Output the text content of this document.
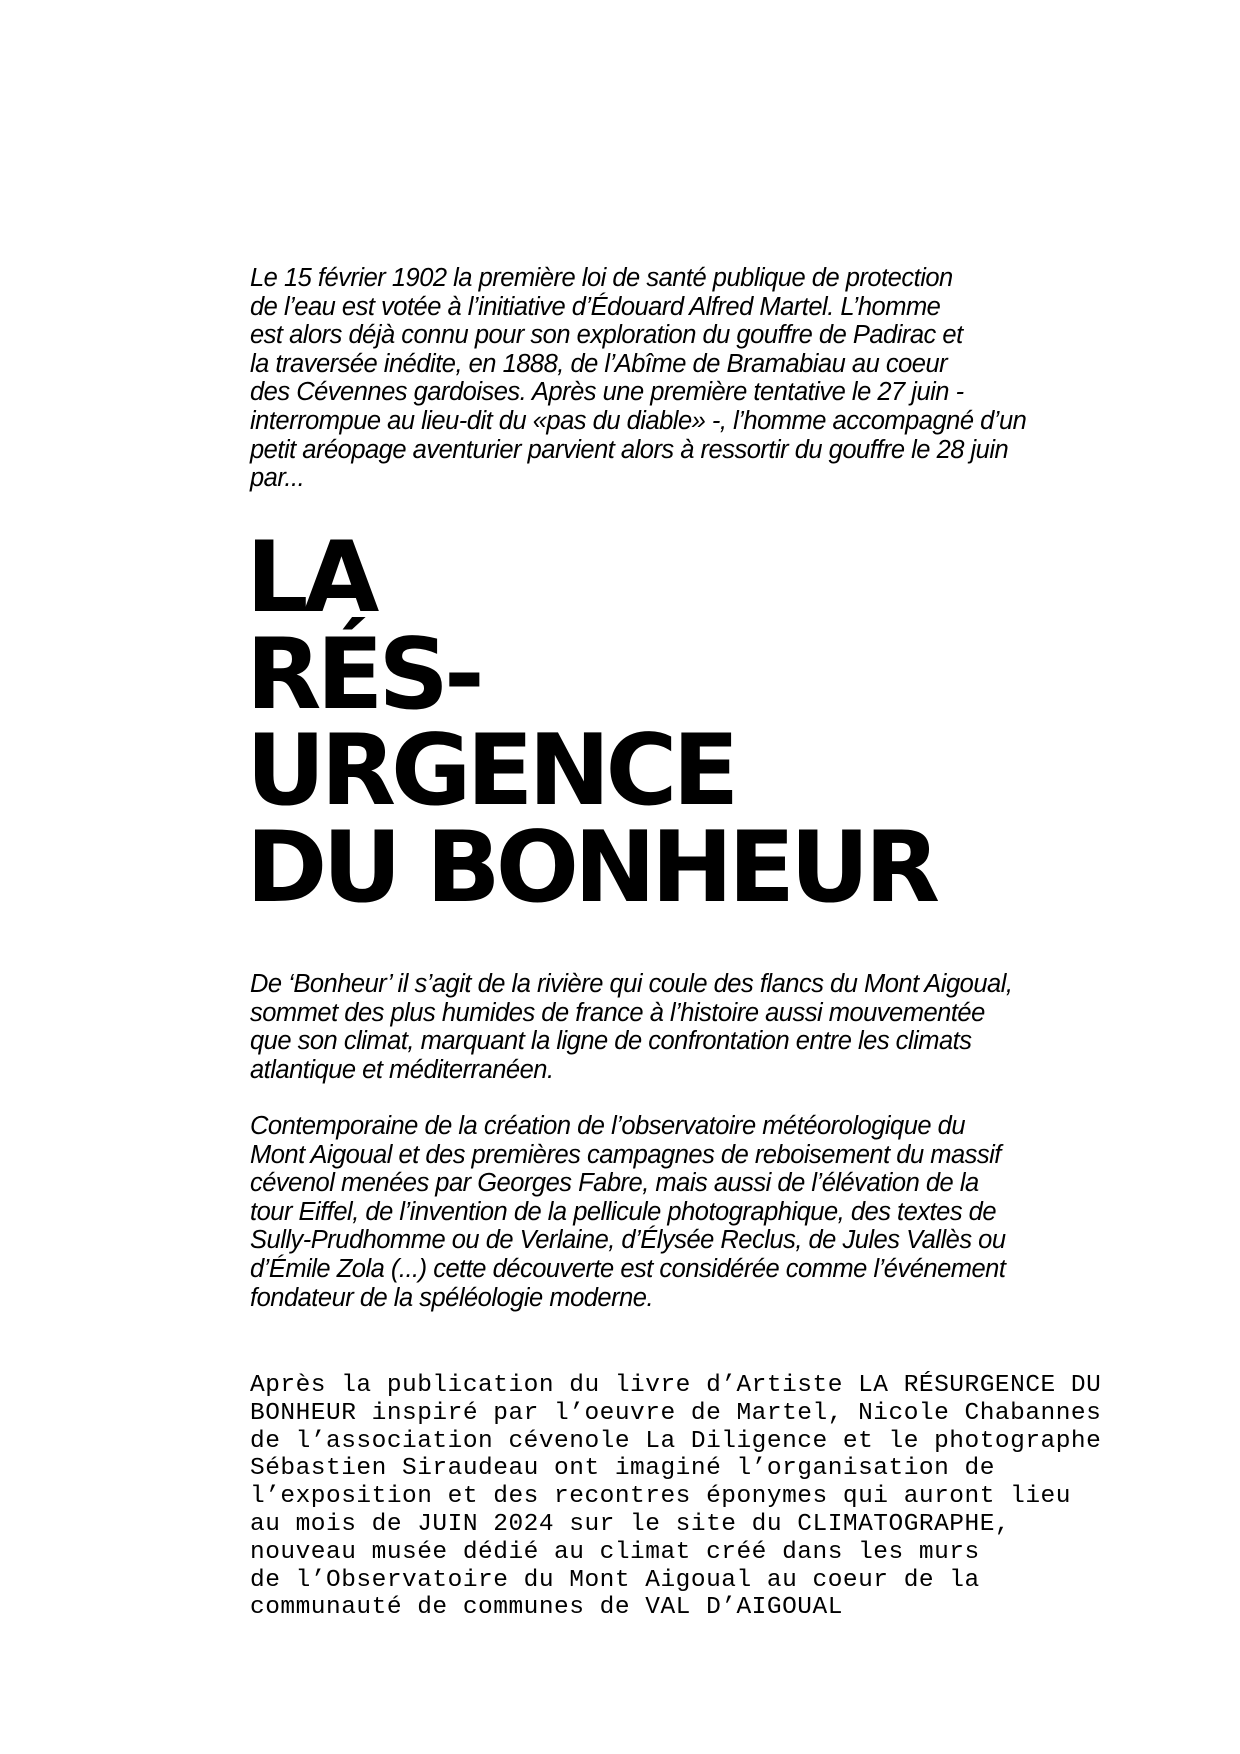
Le 15 février 1902 la première loi de santé publique de protection
de l’eau est votée à l’initiative d’Édouard Alfred Martel. L’homme
est alors déjà connu pour son exploration du gouffre de Padirac et
la traversée inédite, en 1888, de l’Abîme de Bramabiau au coeur
des Cévennes gardoises. Après une première tentative le 27 juin -
interrompue au lieu-dit du «pas du diable» -, l’homme accompagné d’un
petit aréopage aventurier parvient alors à ressortir du gouffre le 28 juin
par...

LA
RÉS-
URGENCE
DU BONHEUR

De ‘Bonheur’ il s’agit de la rivière qui coule des flancs du Mont Aigoual,
sommet des plus humides de france à l’histoire aussi mouvementée
que son climat, marquant la ligne de confrontation entre les climats
atlantique et méditerranéen.

Contemporaine de la création de l’observatoire météorologique du
Mont Aigoual et des premières campagnes de reboisement du massif
cévenol menées par Georges Fabre, mais aussi de l’élévation de la
tour Eiffel, de l’invention de la pellicule photographique, des textes de
Sully-Prudhomme ou de Verlaine, d’Élysée Reclus, de Jules Vallès ou
d’Émile Zola (...) cette découverte est considérée comme l’événement
fondateur de la spéléologie moderne.

Après la publication du livre d’Artiste LA RÉSURGENCE DU
BONHEUR inspiré par l’oeuvre de Martel, Nicole Chabannes
de l’association cévenole La Diligence et le photographe
Sébastien Siraudeau ont imaginé l’organisation de
l’exposition et des recontres éponymes qui auront lieu
au mois de JUIN 2024 sur le site du CLIMATOGRAPHE,
nouveau musée dédié au climat créé dans les murs
de l’Observatoire du Mont Aigoual au coeur de la
communauté de communes de VAL D’AIGOUAL
